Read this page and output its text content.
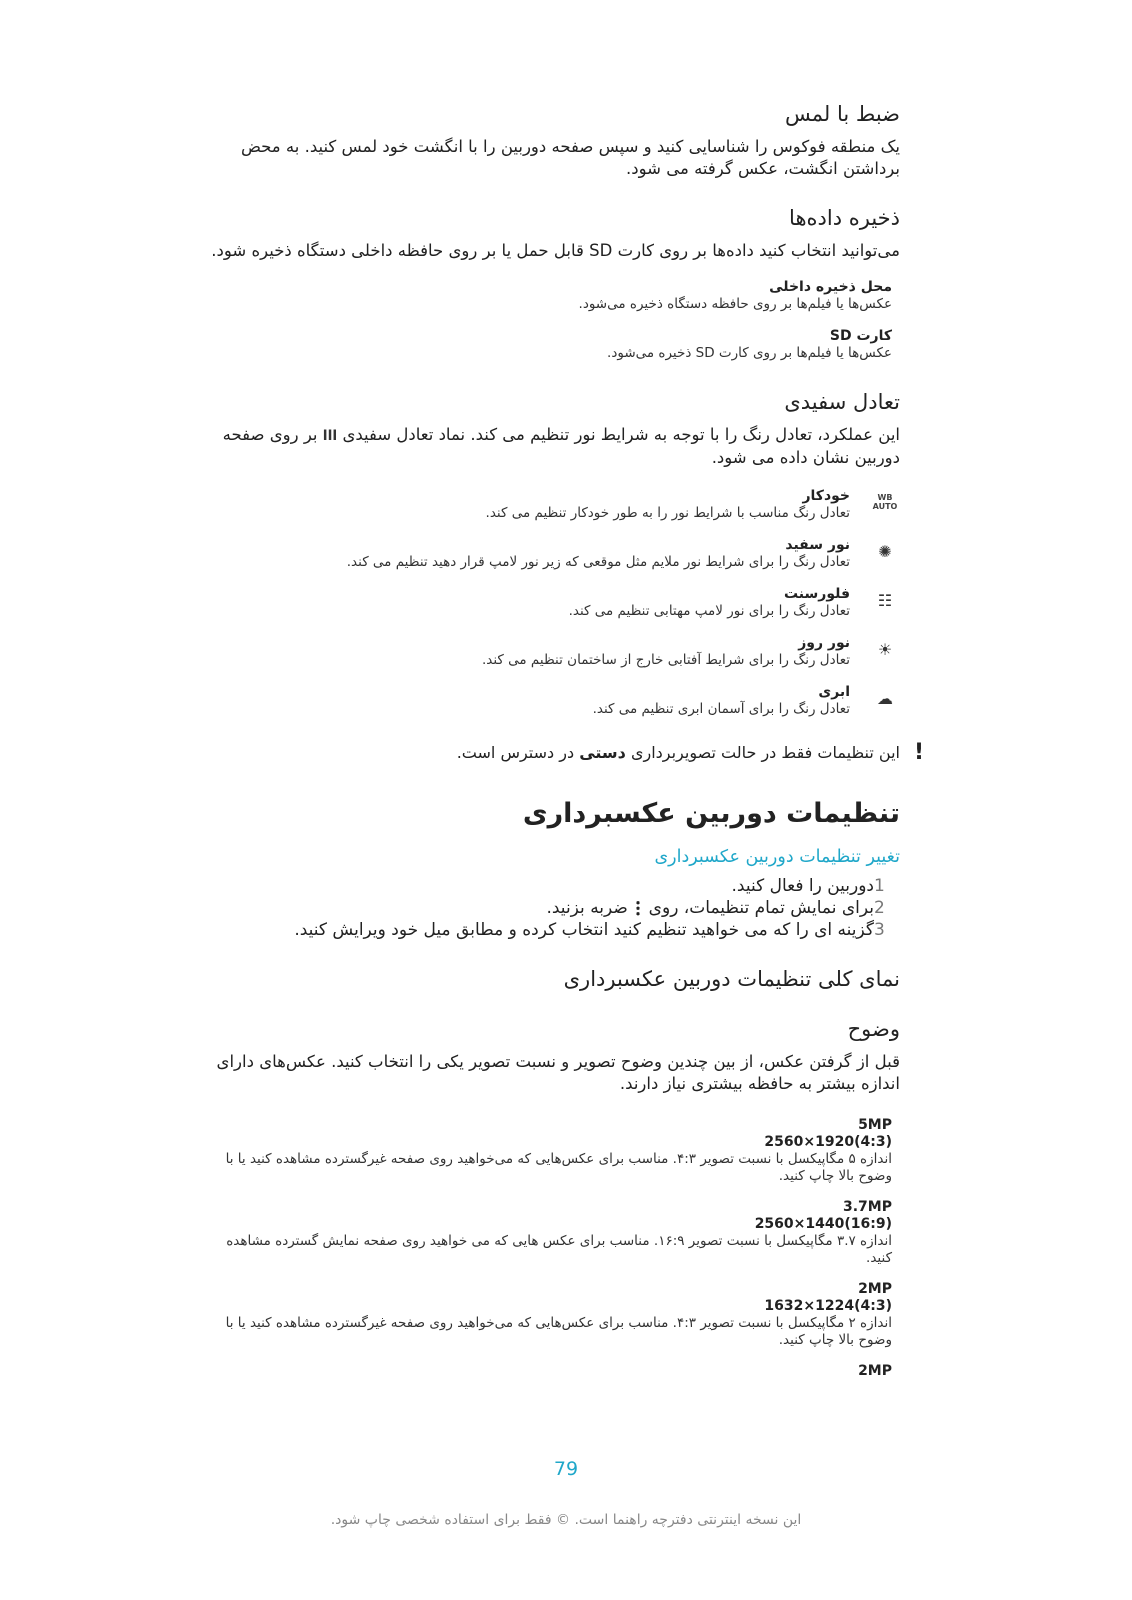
ضبط با لمس
یک منطقه فوکوس را شناسایی کنید و سپس صفحه دوربین را با انگشت خود لمس کنید. به محض برداشتن انگشت، عکس گرفته می شود.
ذخیره داده‌ها
می‌توانید انتخاب کنید داده‌ها بر روی کارت SD قابل حمل یا بر روی حافظه داخلی دستگاه ذخیره شود.
محل ذخیره داخلی
عکس‌ها یا فیلم‌ها بر روی حافظه دستگاه ذخیره می‌شود.
کارت SD
عکس‌ها یا فیلم‌ها بر روی کارت SD ذخیره می‌شود.
تعادل سفیدی
این عملکرد، تعادل رنگ را با توجه به شرایط نور تنظیم می کند. نماد تعادل سفیدی ااا بر روی صفحه دوربین نشان داده می شود.
WB AUTO
خودکار
تعادل رنگ مناسب با شرایط نور را به طور خودکار تنظیم می کند.
✺
نور سفید
تعادل رنگ را برای شرایط نور ملایم مثل موقعی که زیر نور لامپ قرار دهید تنظیم می کند.
☷
فلورسنت
تعادل رنگ را برای نور لامپ مهتابی تنظیم می کند.
☀
نور روز
تعادل رنگ را برای شرایط آفتابی خارج از ساختمان تنظیم می کند.
☁
ابری
تعادل رنگ را برای آسمان ابری تنظیم می کند.
!
این تنظیمات فقط در حالت تصویربرداری دستی در دسترس است.
تنظیمات دوربین عکسبرداری
تغییر تنظیمات دوربین عکسبرداری
1
دوربین را فعال کنید.
2
برای نمایش تمام تنظیمات، روی  ضربه بزنید.
3
گزینه ای را که می خواهید تنظیم کنید انتخاب کرده و مطابق میل خود ویرایش کنید.
نمای کلی تنظیمات دوربین عکسبرداری
وضوح
قبل از گرفتن عکس، از بین چندین وضوح تصویر و نسبت تصویر یکی را انتخاب کنید. عکس‌های دارای اندازه بیشتر به حافظه بیشتری نیاز دارند.
5MP
(4:3)1920×2560
اندازه ۵ مگاپیکسل با نسبت تصویر ۴:۳. مناسب برای عکس‌هایی که می‌خواهید روی صفحه غیرگسترده مشاهده کنید یا با وضوح بالا چاپ کنید.
3.7MP
(16:9)1440×2560
اندازه ۳.۷ مگاپیکسل با نسبت تصویر ۱۶:۹. مناسب برای عکس هایی که می خواهید روی صفحه نمایش گسترده مشاهده کنید.
2MP
(4:3)1224×1632
اندازه ۲ مگاپیکسل با نسبت تصویر ۴:۳. مناسب برای عکس‌هایی که می‌خواهید روی صفحه غیرگسترده مشاهده کنید یا با وضوح بالا چاپ کنید.
2MP
79
این نسخه اینترنتی دفترچه راهنما است. © فقط برای استفاده شخصی چاپ شود.
